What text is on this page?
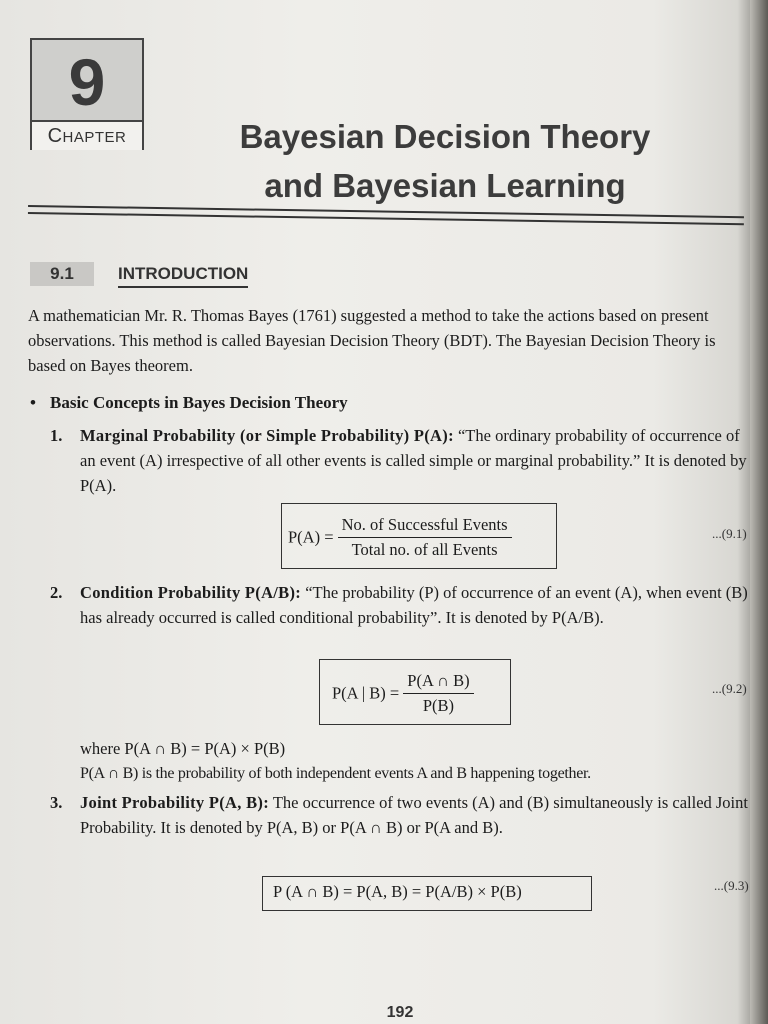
9
CHAPTER	Bayesian Decision Theory
and Bayesian Learning
9.1	INTRODUCTION
A mathematician Mr. R. Thomas Bayes (1761) suggested a method to take the actions based on present observations. This method is called Bayesian Decision Theory (BDT). The Bayesian Decision Theory is based on Bayes theorem.
• Basic Concepts in Bayes Decision Theory
1. Marginal Probability (or Simple Probability) P(A): “The ordinary probability of occurrence of an event (A) irrespective of all other events is called simple or marginal probability.” It is denoted by P(A).
$P(A) = \frac{\text{No. of Successful Events}}{\text{Total no. of all Events}}$	...(9.1)
2. Condition Probability P(A/B): “The probability (P) of occurrence of an event (A), when event (B) has already occurred is called conditional probability”. It is denoted by P(A/B).
P(A | $B) = \frac{P(A \cap B)}{P(B)}$	...(9.2)
where P(A ∩ B) = P(A) × P(B)
P(A ∩ B) is the probability of both independent events A and B happening together.
3. Joint Probability P(A, B): The occurrence of two events (A) and (B) simultaneously is called Joint Probability. It is denoted by P(A, B) or P(A ∩ B) or P(A and B).
P (A ∩ B) = P(A, B) = P(A/B) × P(B)	...(9.3)
192
